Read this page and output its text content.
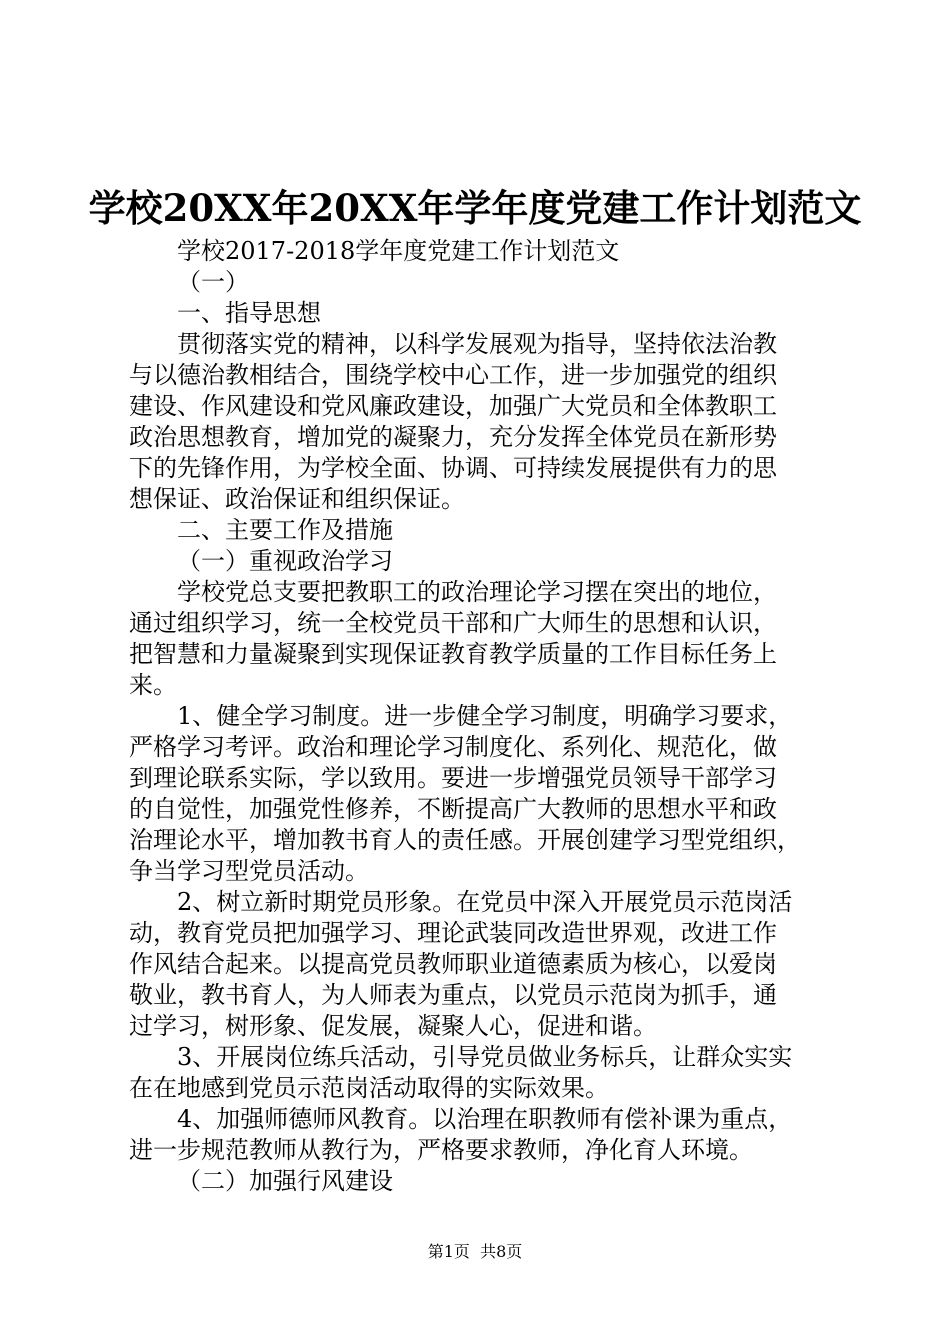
学校20XX年20XX年学年度党建工作计划范文
学校2017-2018学年度党建工作计划范文
（一）
一、指导思想
贯彻落实党的精神，以科学发展观为指导，坚持依法治教
与以德治教相结合，围绕学校中心工作，进一步加强党的组织
建设、作风建设和党风廉政建设，加强广大党员和全体教职工
政治思想教育，增加党的凝聚力，充分发挥全体党员在新形势
下的先锋作用，为学校全面、协调、可持续发展提供有力的思
想保证、政治保证和组织保证。
二、主要工作及措施
（一）重视政治学习
学校党总支要把教职工的政治理论学习摆在突出的地位，
通过组织学习，统一全校党员干部和广大师生的思想和认识，
把智慧和力量凝聚到实现保证教育教学质量的工作目标任务上
来。
1、健全学习制度。进一步健全学习制度，明确学习要求，
严格学习考评。政治和理论学习制度化、系列化、规范化，做
到理论联系实际，学以致用。要进一步增强党员领导干部学习
的自觉性，加强党性修养，不断提高广大教师的思想水平和政
治理论水平，增加教书育人的责任感。开展创建学习型党组织，
争当学习型党员活动。
2、树立新时期党员形象。在党员中深入开展党员示范岗活
动，教育党员把加强学习、理论武装同改造世界观，改进工作
作风结合起来。以提高党员教师职业道德素质为核心，以爱岗
敬业，教书育人，为人师表为重点，以党员示范岗为抓手，通
过学习，树形象、促发展，凝聚人心，促进和谐。
3、开展岗位练兵活动，引导党员做业务标兵，让群众实实
在在地感到党员示范岗活动取得的实际效果。
4、加强师德师风教育。以治理在职教师有偿补课为重点，
进一步规范教师从教行为，严格要求教师，净化育人环境。
（二）加强行风建设
第1页  共8页
